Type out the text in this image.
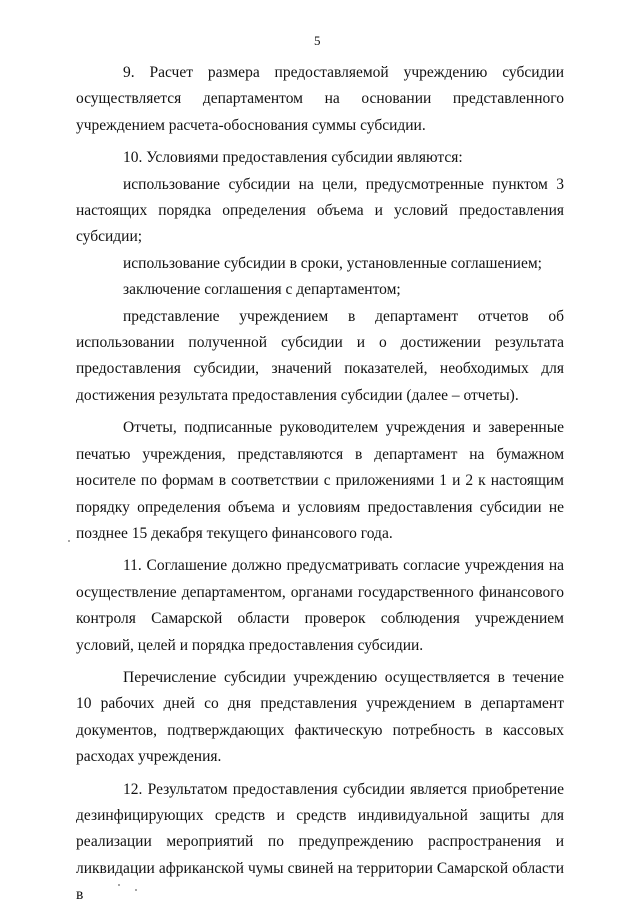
5

9. Расчет размера предоставляемой учреждению субсидии осуществляется департаментом на основании представленного учреждением расчета-обоснования суммы субсидии.

10. Условиями предоставления субсидии являются:

использование субсидии на цели, предусмотренные пунктом 3 настоящих порядка определения объема и условий предоставления субсидии;

использование субсидии в сроки, установленные соглашением;

заключение соглашения с департаментом;

представление учреждением в департамент отчетов об использовании полученной субсидии и о достижении результата предоставления субсидии, значений показателей, необходимых для достижения результата предоставления субсидии (далее – отчеты).

Отчеты, подписанные руководителем учреждения и заверенные печатью учреждения, представляются в департамент на бумажном носителе по формам в соответствии с приложениями 1 и 2 к настоящим порядку определения объема и условиям предоставления субсидии не позднее 15 декабря текущего финансового года.

11. Соглашение должно предусматривать согласие учреждения на осуществление департаментом, органами государственного финансового контроля Самарской области проверок соблюдения учреждением условий, целей и порядка предоставления субсидии.

Перечисление субсидии учреждению осуществляется в течение 10 рабочих дней со дня представления учреждением в департамент документов, подтверждающих фактическую потребность в кассовых расходах учреждения.

12. Результатом предоставления субсидии является приобретение дезинфицирующих средств и средств индивидуальной защиты для реализации мероприятий по предупреждению распространения и ликвидации африканской чумы свиней на территории Самарской области в
